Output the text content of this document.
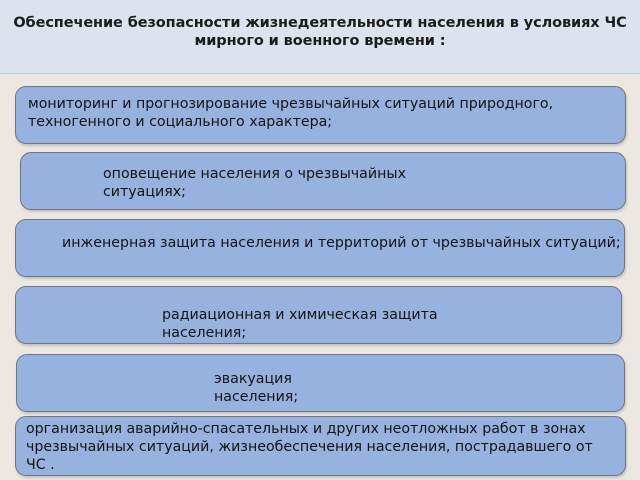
Обеспечение безопасности жизнедеятельности населения в условиях ЧС мирного и военного времени :

мониторинг и прогнозирование чрезвычайных ситуаций природного, техногенного и социального характера;

оповещение населения о чрезвычайных ситуациях;

инженерная защита населения и территорий от чрезвычайных ситуаций;

радиационная и химическая защита населения;

эвакуация населения;

организация аварийно-спасательных и других неотложных работ в зонах чрезвычайных ситуаций, жизнеобеспечения населения, пострадавшего от ЧС .
